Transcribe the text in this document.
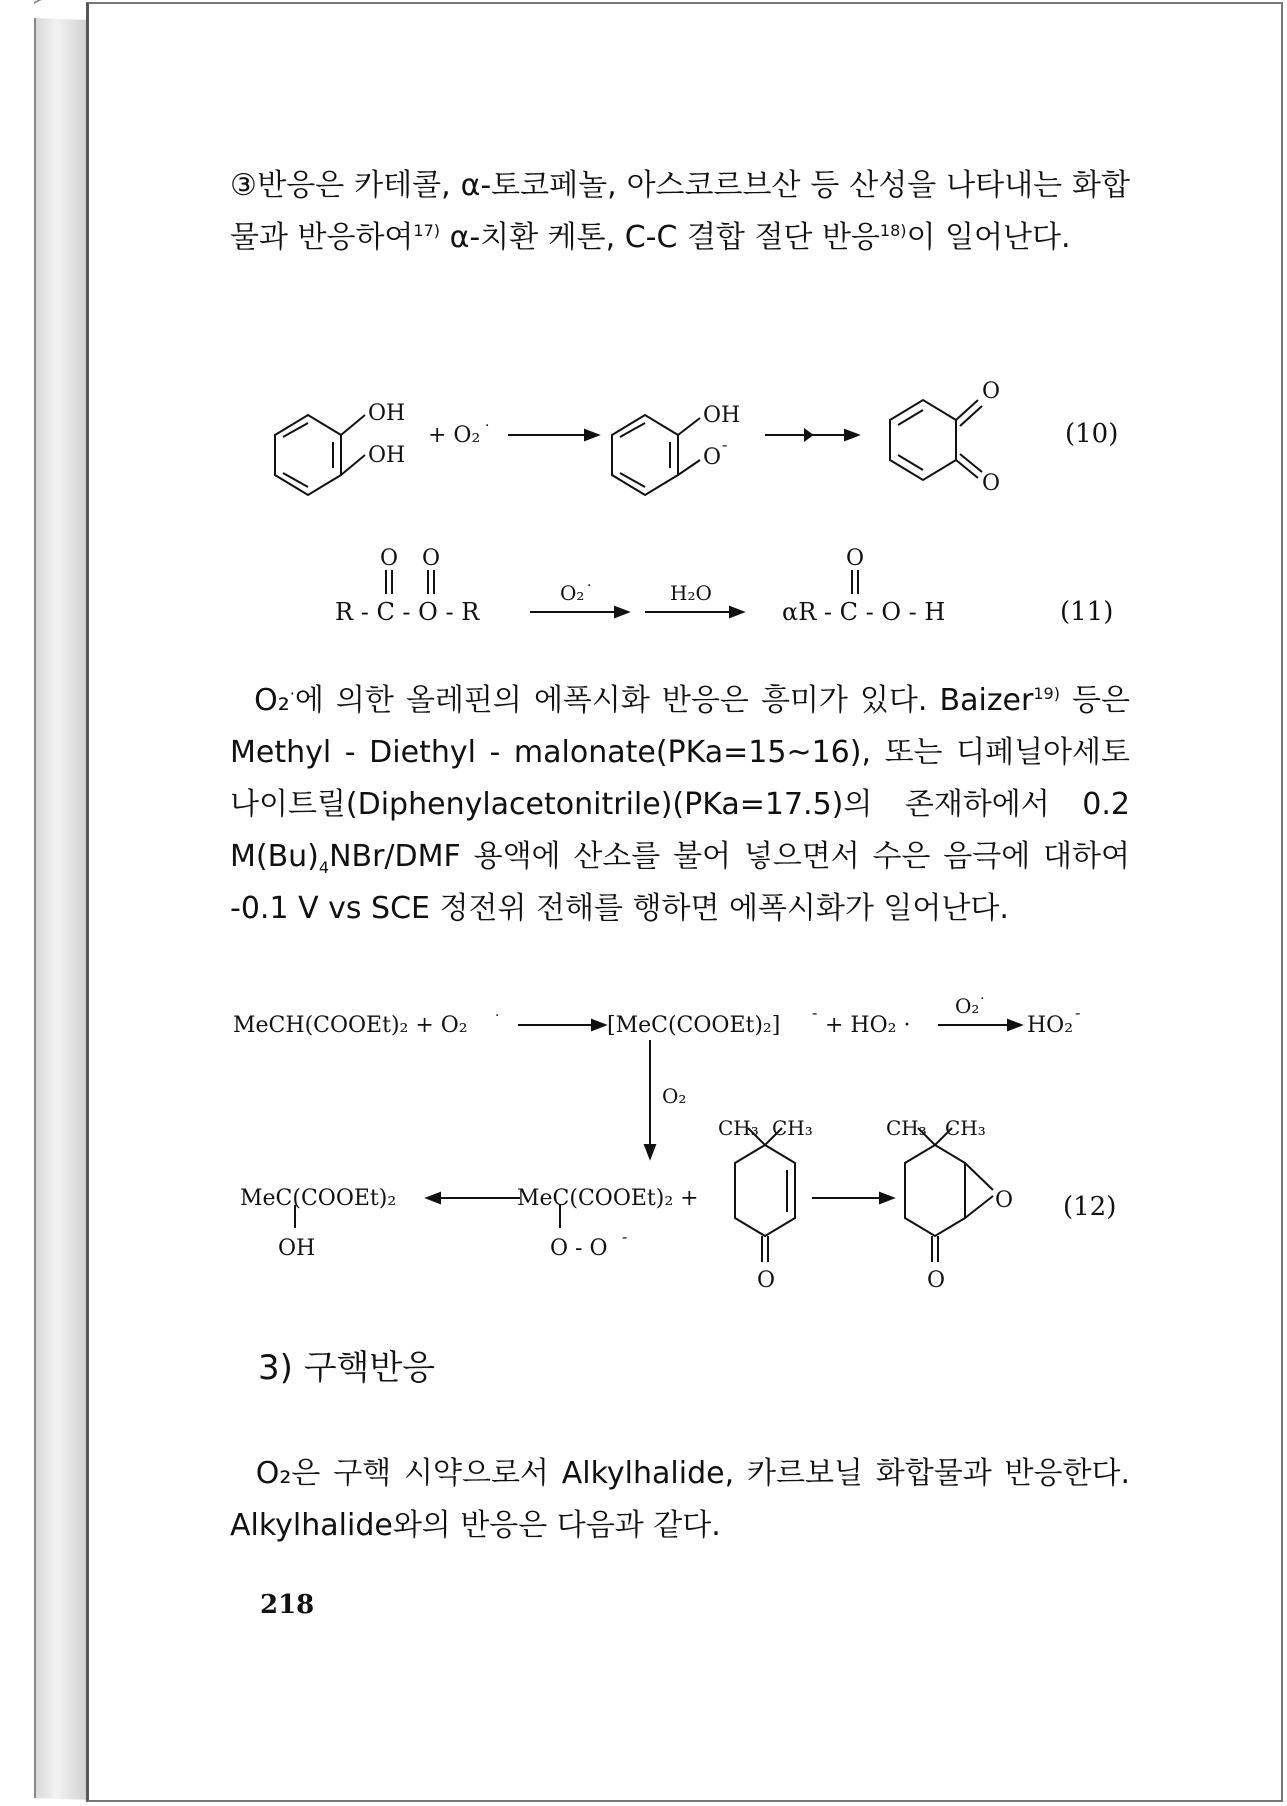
③반응은 카테콜, α-토코페놀, 아스코르브산 등 산성을 나타내는 화합물과 반응하여$^{17)}$ α-치환 케톤, C-C 결합 절단 반응$^{18)}$이 일어난다.

OH
OH
+ O₂ ·	OH
O
-
O
O
(10)
O O
R - C - O - R
O₂ ·	H₂O
O
αR - C - O - H	(11)
MeCH(COOEt)₂ + O₂ ·	[MeC(COOEt)₂]
-
+ HO₂ ·
O₂ ·
HO₂
-
O₂
MeC(COOEt)₂
OH
MeC(COOEt)₂ +
O - O -
CH₃ CH₃
O
CH₃ CH₃
O
O
(12)

O₂·에 의한 올레핀의 에폭시화 반응은 흥미가 있다. Baizer$^{19)}$ 등은 Methyl - Diethyl - malonate(PKa=15~16), 또는 디페닐아세토나이트릴(Diphenylacetonitrile)(PKa=17.5)의 존재하에서 0.2 $M(Bu)_4NBr$/DMF 용액에 산소를 불어 넣으면서 수은 음극에 대하여 -0.1 V vs SCE 정전위 전해를 행하면 에폭시화가 일어난다.

3) 구핵반응

O₂은 구핵 시약으로서 Alkylhalide, 카르보닐 화합물과 반응한다. Alkylhalide와의 반응은 다음과 같다.

218
